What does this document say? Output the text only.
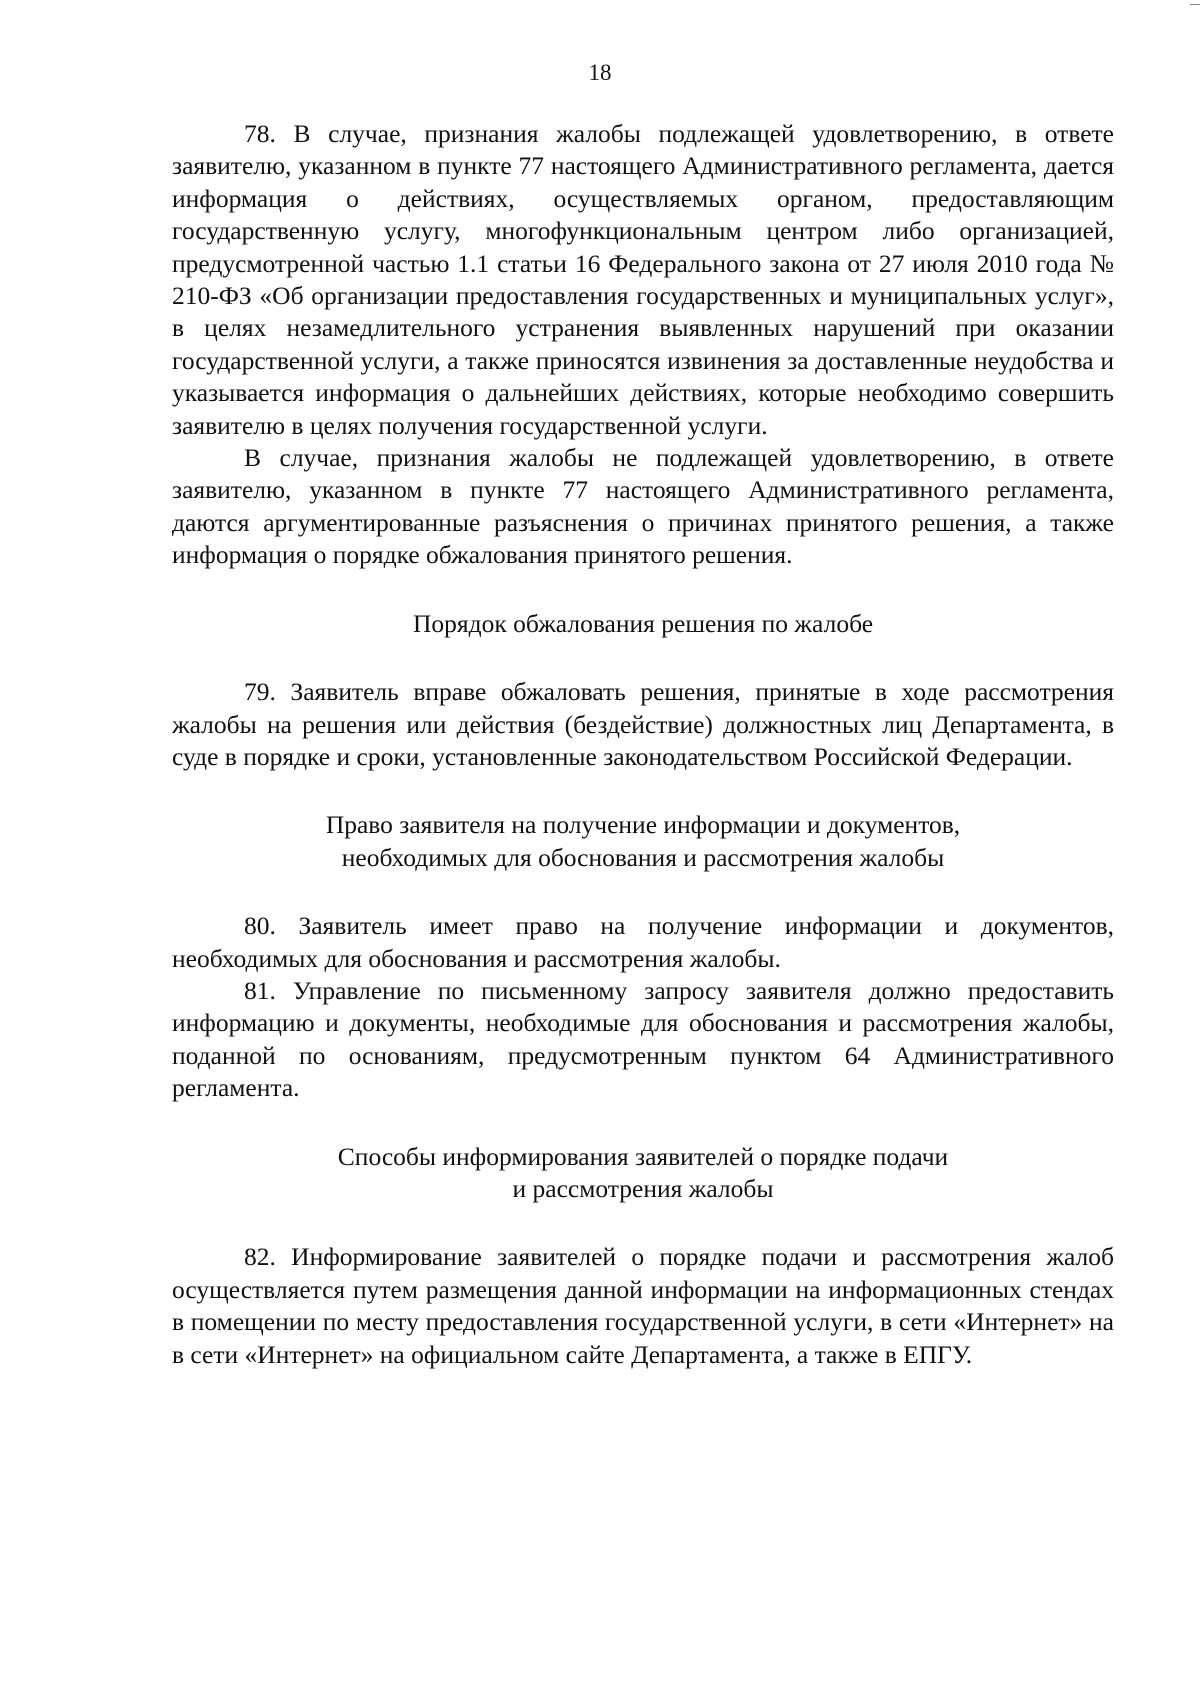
18

78. В случае, признания жалобы подлежащей удовлетворению, в ответе заявителю, указанном в пункте 77 настоящего Административного регламента, дается информация о действиях, осуществляемых органом, предоставляющим государственную услугу, многофункциональным центром либо организацией, предусмотренной частью 1.1 статьи 16 Федерального закона от 27 июля 2010 года № 210-ФЗ «Об организации предоставления государственных и муниципальных услуг», в целях незамедлительного устранения выявленных нарушений при оказании государственной услуги, а также приносятся извинения за доставленные неудобства и указывается информация о дальнейших действиях, которые необходимо совершить заявителю в целях получения государственной услуги.

В случае, признания жалобы не подлежащей удовлетворению, в ответе заявителю, указанном в пункте 77 настоящего Административного регламента, даются аргументированные разъяснения о причинах принятого решения, а также информация о порядке обжалования принятого решения.

Порядок обжалования решения по жалобе

79. Заявитель вправе обжаловать решения, принятые в ходе рассмотрения жалобы на решения или действия (бездействие) должностных лиц Департамента, в суде в порядке и сроки, установленные законодательством Российской Федерации.

Право заявителя на получение информации и документов,
необходимых для обоснования и рассмотрения жалобы

80. Заявитель имеет право на получение информации и документов, необходимых для обоснования и рассмотрения жалобы.

81. Управление по письменному запросу заявителя должно предоставить информацию и документы, необходимые для обоснования и рассмотрения жалобы, поданной по основаниям, предусмотренным пунктом 64 Административного регламента.

Способы информирования заявителей о порядке подачи
и рассмотрения жалобы

82. Информирование заявителей о порядке подачи и рассмотрения жалоб осуществляется путем размещения данной информации на информационных стендах в помещении по месту предоставления государственной услуги, в сети «Интернет» на в сети «Интернет» на официальном сайте Департамента, а также в ЕПГУ.
